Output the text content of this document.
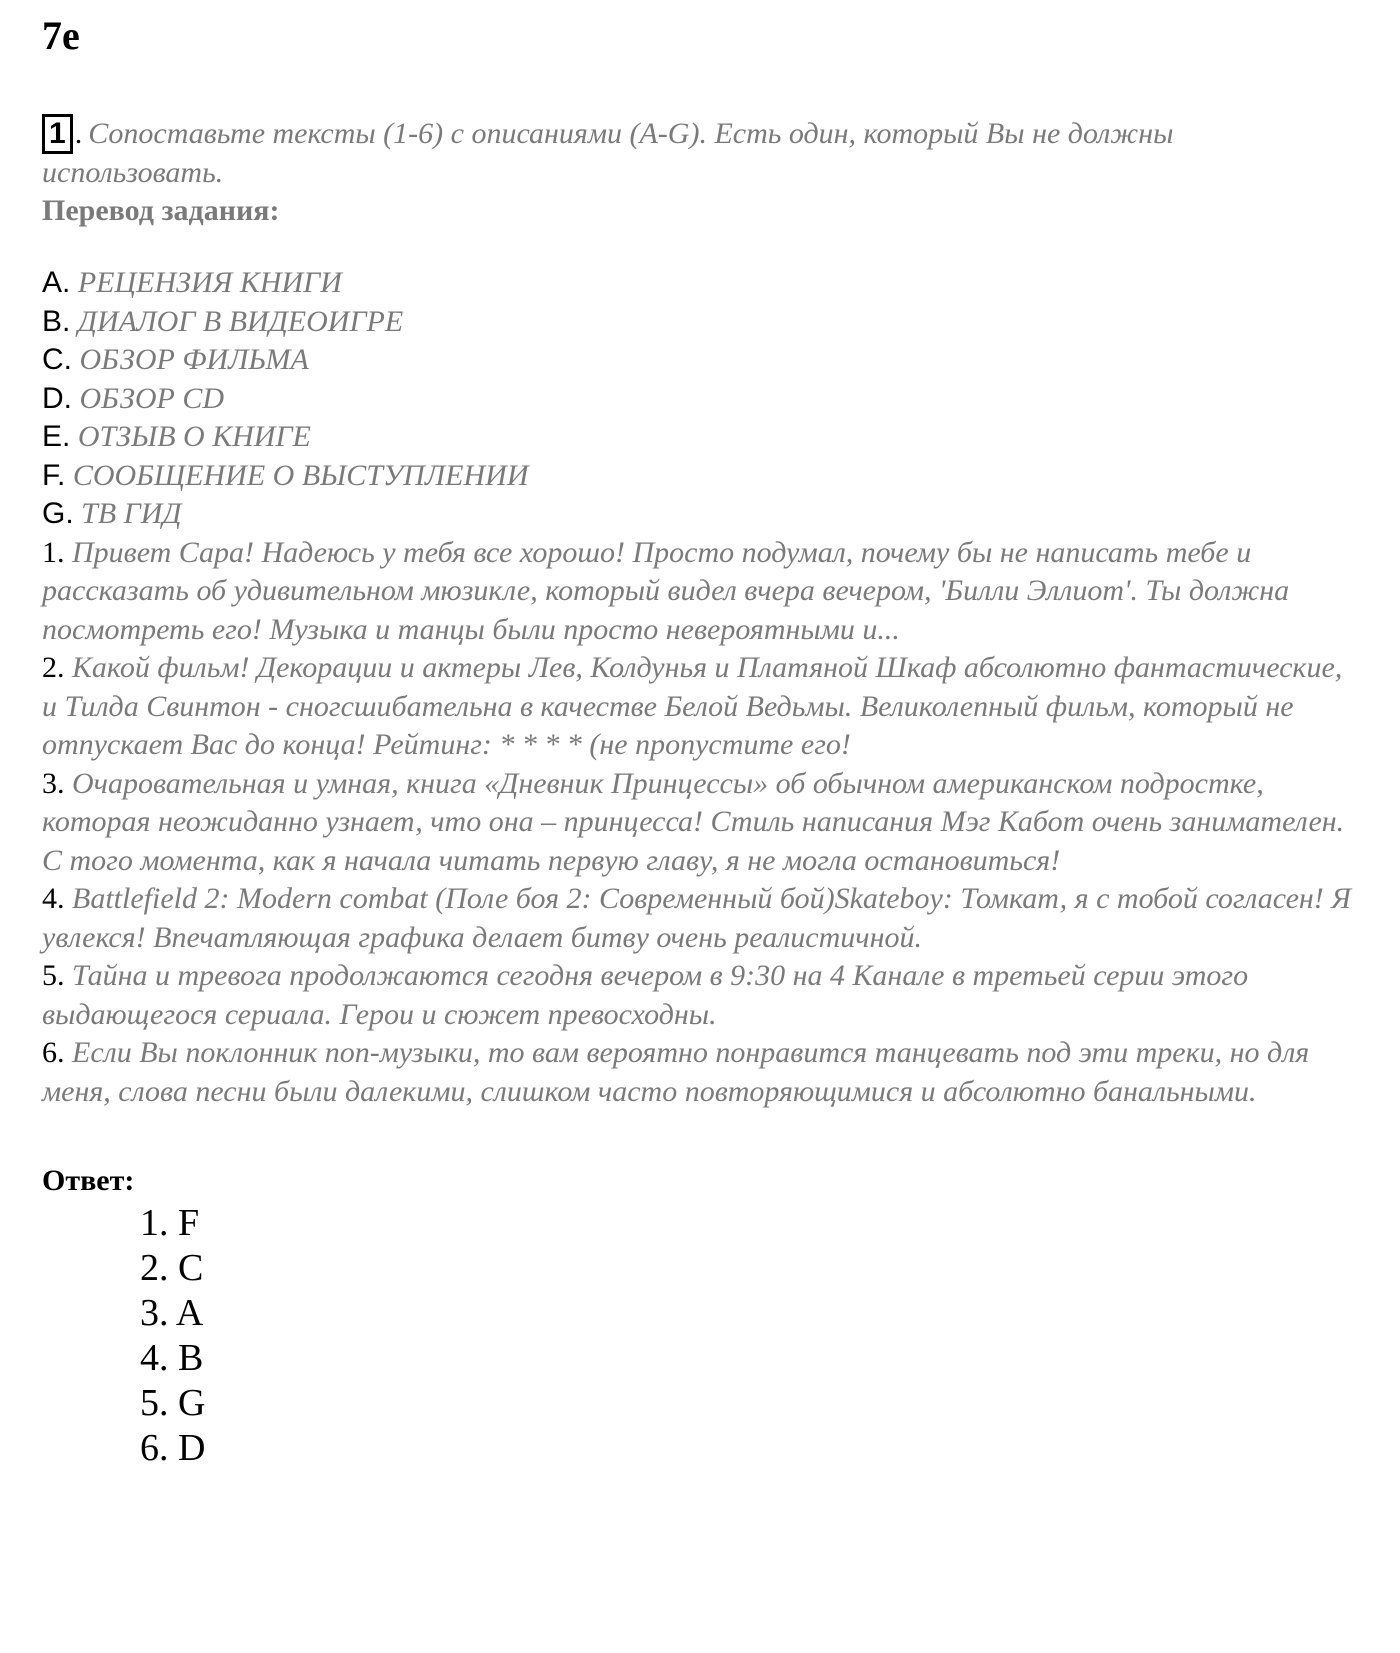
7e
1 . Сопоставьте тексты (1-6) с описаниями (A-G). Есть один, который Вы не должны использовать.
Перевод задания:
A. РЕЦЕНЗИЯ КНИГИ
B. ДИАЛОГ В ВИДЕОИГРЕ
C. ОБЗОР ФИЛЬМА
D. ОБЗОР CD
E. ОТЗЫВ О КНИГЕ
F. СООБЩЕНИЕ О ВЫСТУПЛЕНИИ
G. ТВ ГИД
1. Привет Сара! Надеюсь у тебя все хорошо! Просто подумал, почему бы не написать тебе и рассказать об удивительном мюзикле, который видел вчера вечером, 'Билли Эллиот'. Ты должна посмотреть его! Музыка и танцы были просто невероятными и...
2. Какой фильм! Декорации и актеры Лев, Колдунья и Платяной Шкаф абсолютно фантастические, и Тилда Свинтон - сногсшибательна в качестве Белой Ведьмы. Великолепный фильм, который не отпускает Вас до конца! Рейтинг: * * * * (не пропустите его!
3. Очаровательная и умная, книга «Дневник Принцессы» об обычном американском подростке, которая неожиданно узнает, что она – принцесса! Стиль написания Мэг Кабот очень занимателен. С того момента, как я начала читать первую главу, я не могла остановиться!
4. Battlefield 2: Modern combat (Поле боя 2: Современный бой)Skateboy: Томкат, я с тобой согласен! Я увлекся! Впечатляющая графика делает битву очень реалистичной.
5. Тайна и тревога продолжаются сегодня вечером в 9:30 на 4 Канале в третьей серии этого выдающегося сериала. Герои и сюжет превосходны.
6. Если Вы поклонник поп-музыки, то вам вероятно понравится танцевать под эти треки, но для меня, слова песни были далекими, слишком часто повторяющимися и абсолютно банальными.
Ответ:
1. F
2. C
3. A
4. B
5. G
6. D
